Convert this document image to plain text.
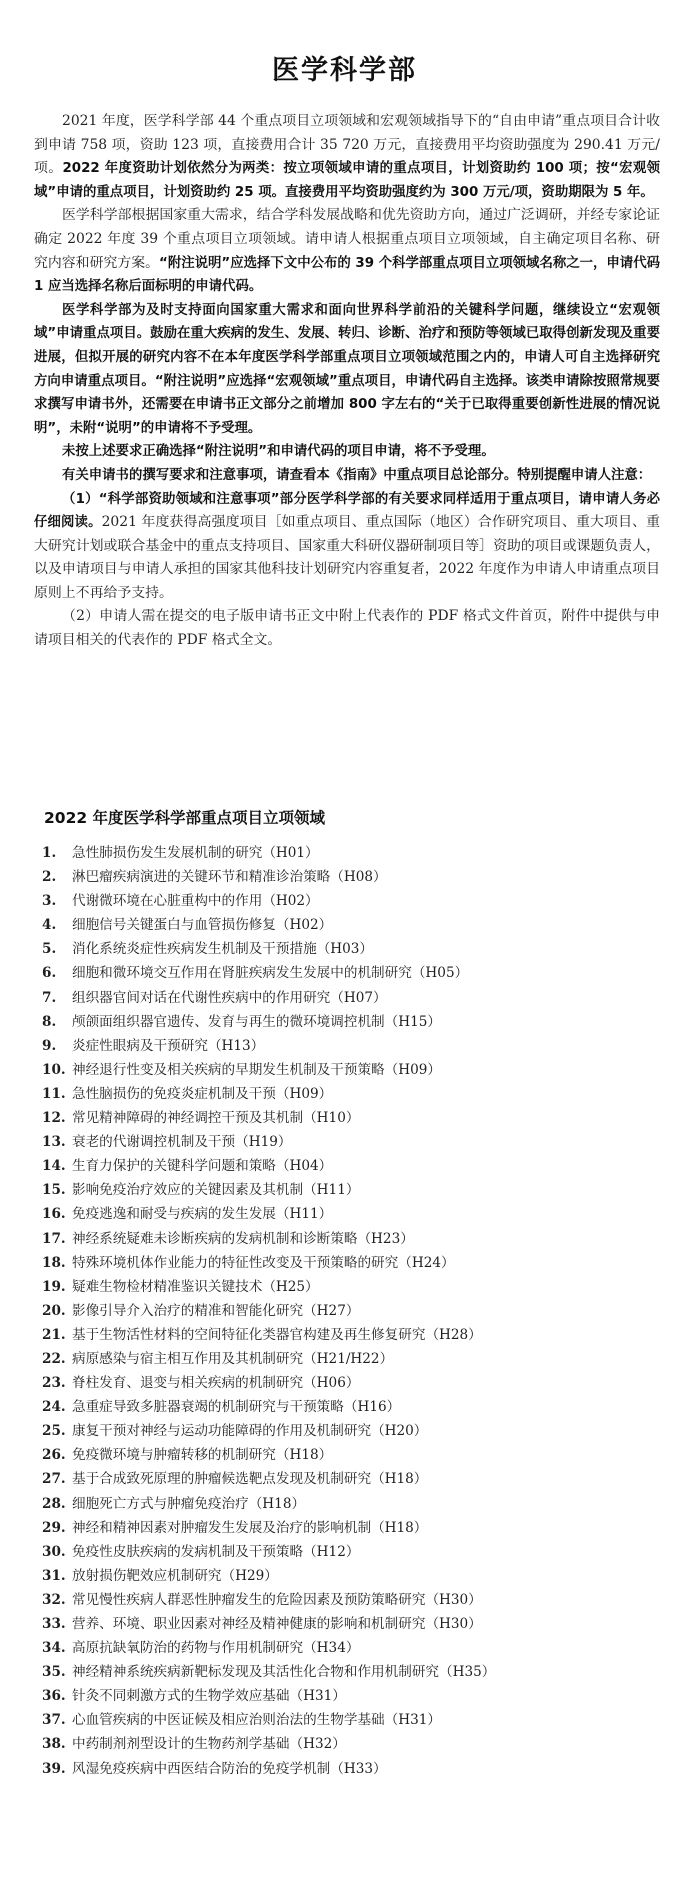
医学科学部

2021 年度，医学科学部 44 个重点项目立项领域和宏观领域指导下的“自由申请”重点项目合计收到申请 758 项，资助 123 项，直接费用合计 35 720 万元，直接费用平均资助强度为 290.41 万元/项。2022 年度资助计划依然分为两类：按立项领域申请的重点项目，计划资助约 100 项；按“宏观领域”申请的重点项目，计划资助约 25 项。直接费用平均资助强度约为 300 万元/项，资助期限为 5 年。

医学科学部根据国家重大需求，结合学科发展战略和优先资助方向，通过广泛调研，并经专家论证确定 2022 年度 39 个重点项目立项领域。请申请人根据重点项目立项领域，自主确定项目名称、研究内容和研究方案。“附注说明”应选择下文中公布的 39 个科学部重点项目立项领域名称之一，申请代码 1 应当选择名称后面标明的申请代码。

医学科学部为及时支持面向国家重大需求和面向世界科学前沿的关键科学问题，继续设立“宏观领域”申请重点项目。鼓励在重大疾病的发生、发展、转归、诊断、治疗和预防等领域已取得创新发现及重要进展，但拟开展的研究内容不在本年度医学科学部重点项目立项领域范围之内的，申请人可自主选择研究方向申请重点项目。“附注说明”应选择“宏观领域”重点项目，申请代码自主选择。该类申请除按照常规要求撰写申请书外，还需要在申请书正文部分之前增加 800 字左右的“关于已取得重要创新性进展的情况说明”，未附“说明”的申请将不予受理。

未按上述要求正确选择“附注说明”和申请代码的项目申请，将不予受理。

有关申请书的撰写要求和注意事项，请查看本《指南》中重点项目总论部分。特别提醒申请人注意：

（1）“科学部资助领域和注意事项”部分医学科学部的有关要求同样适用于重点项目，请申请人务必仔细阅读。2021 年度获得高强度项目［如重点项目、重点国际（地区）合作研究项目、重大项目、重大研究计划或联合基金中的重点支持项目、国家重大科研仪器研制项目等］资助的项目或课题负责人，以及申请项目与申请人承担的国家其他科技计划研究内容重复者，2022 年度作为申请人申请重点项目原则上不再给予支持。

（2）申请人需在提交的电子版申请书正文中附上代表作的 PDF 格式文件首页，附件中提供与申请项目相关的代表作的 PDF 格式全文。

2022 年度医学科学部重点项目立项领域
1. 急性肺损伤发生发展机制的研究（H01）
2. 淋巴瘤疾病演进的关键环节和精准诊治策略（H08）
3. 代谢微环境在心脏重构中的作用（H02）
4. 细胞信号关键蛋白与血管损伤修复（H02）
5. 消化系统炎症性疾病发生机制及干预措施（H03）
6. 细胞和微环境交互作用在肾脏疾病发生发展中的机制研究（H05）
7. 组织器官间对话在代谢性疾病中的作用研究（H07）
8. 颅颌面组织器官遗传、发育与再生的微环境调控机制（H15）
9. 炎症性眼病及干预研究（H13）
10. 神经退行性变及相关疾病的早期发生机制及干预策略（H09）
11. 急性脑损伤的免疫炎症机制及干预（H09）
12. 常见精神障碍的神经调控干预及其机制（H10）
13. 衰老的代谢调控机制及干预（H19）
14. 生育力保护的关键科学问题和策略（H04）
15. 影响免疫治疗效应的关键因素及其机制（H11）
16. 免疫逃逸和耐受与疾病的发生发展（H11）
17. 神经系统疑难未诊断疾病的发病机制和诊断策略（H23）
18. 特殊环境机体作业能力的特征性改变及干预策略的研究（H24）
19. 疑难生物检材精准鉴识关键技术（H25）
20. 影像引导介入治疗的精准和智能化研究（H27）
21. 基于生物活性材料的空间特征化类器官构建及再生修复研究（H28）
22. 病原感染与宿主相互作用及其机制研究（H21/H22）
23. 脊柱发育、退变与相关疾病的机制研究（H06）
24. 急重症导致多脏器衰竭的机制研究与干预策略（H16）
25. 康复干预对神经与运动功能障碍的作用及机制研究（H20）
26. 免疫微环境与肿瘤转移的机制研究（H18）
27. 基于合成致死原理的肿瘤候选靶点发现及机制研究（H18）
28. 细胞死亡方式与肿瘤免疫治疗（H18）
29. 神经和精神因素对肿瘤发生发展及治疗的影响机制（H18）
30. 免疫性皮肤疾病的发病机制及干预策略（H12）
31. 放射损伤靶效应机制研究（H29）
32. 常见慢性疾病人群恶性肿瘤发生的危险因素及预防策略研究（H30）
33. 营养、环境、职业因素对神经及精神健康的影响和机制研究（H30）
34. 高原抗缺氧防治的药物与作用机制研究（H34）
35. 神经精神系统疾病新靶标发现及其活性化合物和作用机制研究（H35）
36. 针灸不同刺激方式的生物学效应基础（H31）
37. 心血管疾病的中医证候及相应治则治法的生物学基础（H31）
38. 中药制剂剂型设计的生物药剂学基础（H32）
39. 风湿免疫疾病中西医结合防治的免疫学机制（H33）
